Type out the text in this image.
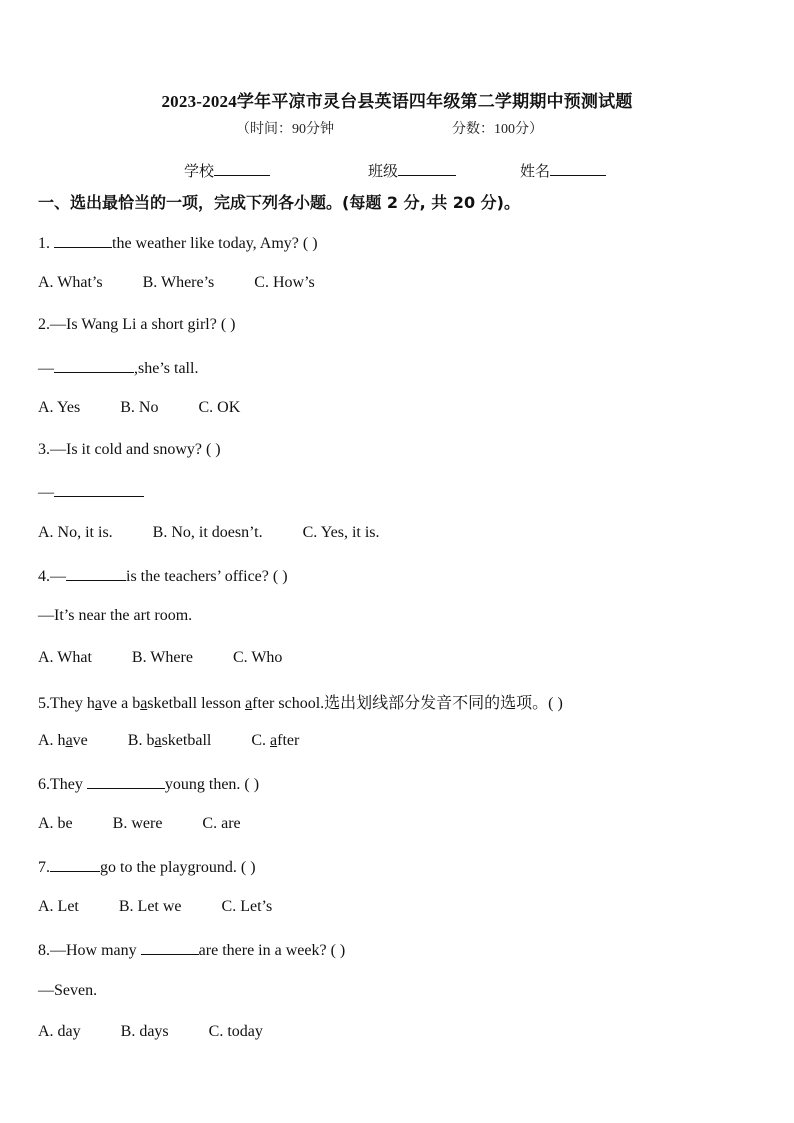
2023-2024学年平凉市灵台县英语四年级第二学期期中预测试题
（时间：90分钟	分数：100分）
学校	班级	姓名
一、选出最恰当的一项，完成下列各小题。(每题 2 分, 共 20 分)。
1.	the weather like today, Amy? ( )
A. What’s	B. Where’s	C. How’s
2.—Is Wang Li a short girl? ( )
—	,she’s tall.
A. Yes	B. No	C. OK
3.—Is it cold and snowy? ( )
—
A. No, it is.	B. No, it doesn’t.	C. Yes, it is.
4.—	is the teachers’ office? ( )
—It’s near the art room.
A. What	B. Where	C. Who
5.They have a basketball lesson after school.选出划线部分发音不同的选项。( )
A. have	B. basketball	C. after
6.They	young then. ( )
A. be	B. were	C. are
7.	go to the playground. ( )
A. Let	B. Let we	C. Let’s
8.—How many	are there in a week? ( )
—Seven.
A. day	B. days	C. today
